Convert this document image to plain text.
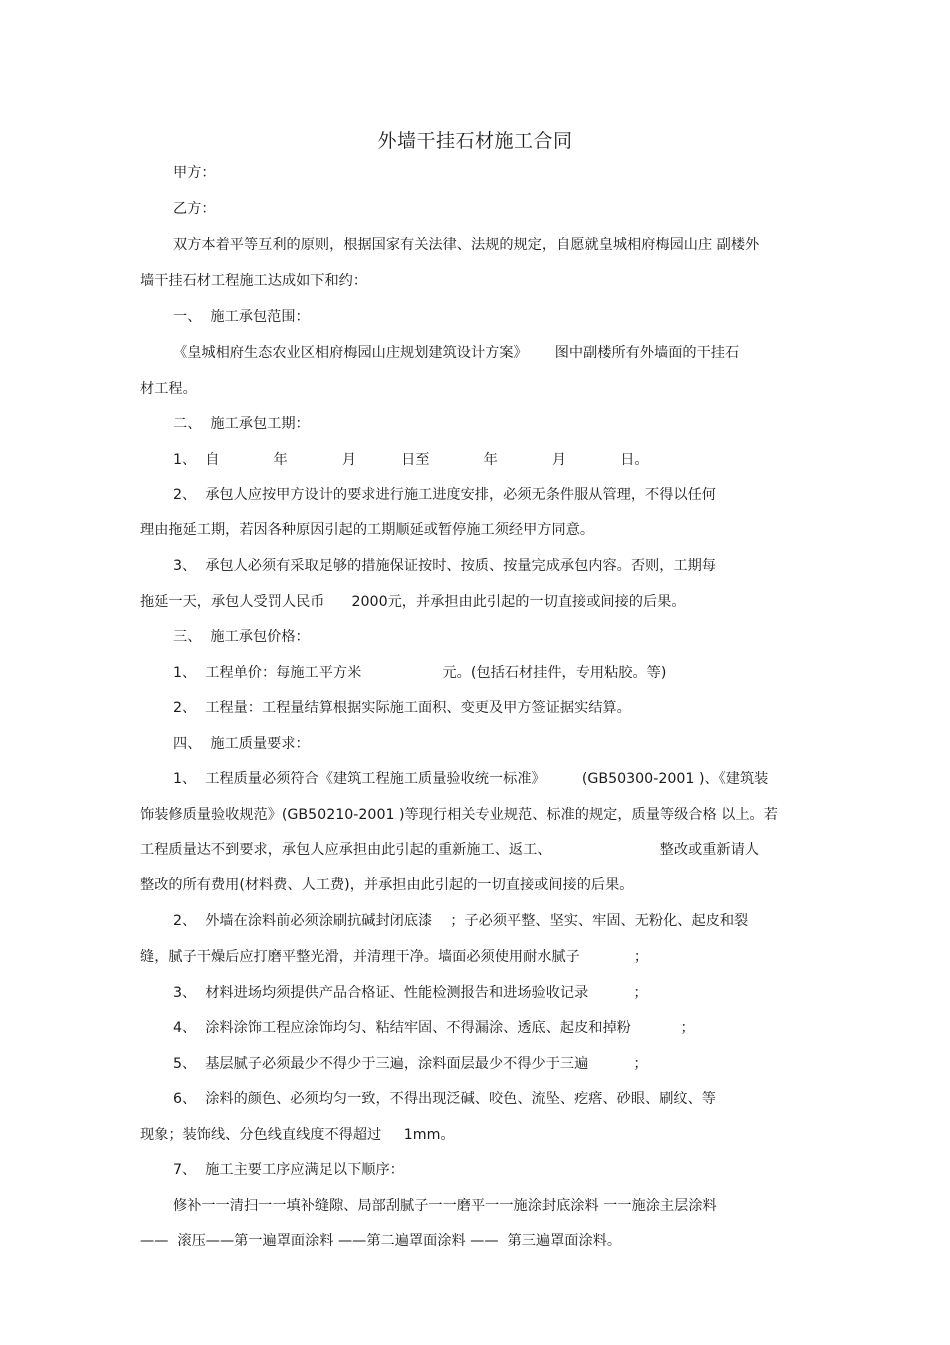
外墙干挂石材施工合同
甲方：
乙方：
双方本着平等互利的原则，根据国家有关法律、法规的规定，自愿就皇城相府梅园山庄 副楼外
墙干挂石材工程施工达成如下和约：
一、  施工承包范围：
《皇城相府生态农业区相府梅园山庄规划建筑设计方案》      图中副楼所有外墙面的干挂石
材工程。
二、  施工承包工期：
1、  自            年            月          日至            年            月            日。
2、  承包人应按甲方设计的要求进行施工进度安排，必须无条件服从管理，不得以任何
理由拖延工期，若因各种原因引起的工期顺延或暂停施工须经甲方同意。
3、  承包人必须有采取足够的措施保证按时、按质、按量完成承包内容。否则，工期每
拖延一天，承包人受罚人民币      2000元，并承担由此引起的一切直接或间接的后果。
三、  施工承包价格：
1、  工程单价：每施工平方米                  元。(包括石材挂件，专用粘胶。等)
2、  工程量：工程量结算根据实际施工面积、变更及甲方签证据实结算。
四、  施工质量要求：
1、  工程质量必须符合《建筑工程施工质量验收统一标准》        (GB50300-2001 )、《建筑装
饰装修质量验收规范》(GB50210-2001 )等现行相关专业规范、标准的规定，质量等级合格 以上。若
工程质量达不到要求，承包人应承担由此引起的重新施工、返工、                        整改或重新请人
整改的所有费用(材料费、人工费)，并承担由此引起的一切直接或间接的后果。
2、  外墙在涂料前必须涂刷抗碱封闭底漆    ；子必须平整、坚实、牢固、无粉化、起皮和裂
缝，腻子干燥后应打磨平整光滑，并清理干净。墙面必须使用耐水腻子            ；
3、  材料进场均须提供产品合格证、性能检测报告和进场验收记录          ；
4、  涂料涂饰工程应涂饰均匀、粘结牢固、不得漏涂、透底、起皮和掉粉           ；
5、  基层腻子必须最少不得少于三遍，涂料面层最少不得少于三遍          ；
6、  涂料的颜色、必须均匀一致，不得出现泛碱、咬色、流坠、疙瘩、砂眼、刷纹、等
现象；装饰线、分色线直线度不得超过     1mm。
7、  施工主要工序应满足以下顺序：
修补一一清扫一一填补缝隙、局部刮腻子一一磨平一一施涂封底涂料 一一施涂主层涂料
——  滚压——第一遍罩面涂料 ——第二遍罩面涂料 ——  第三遍罩面涂料。
